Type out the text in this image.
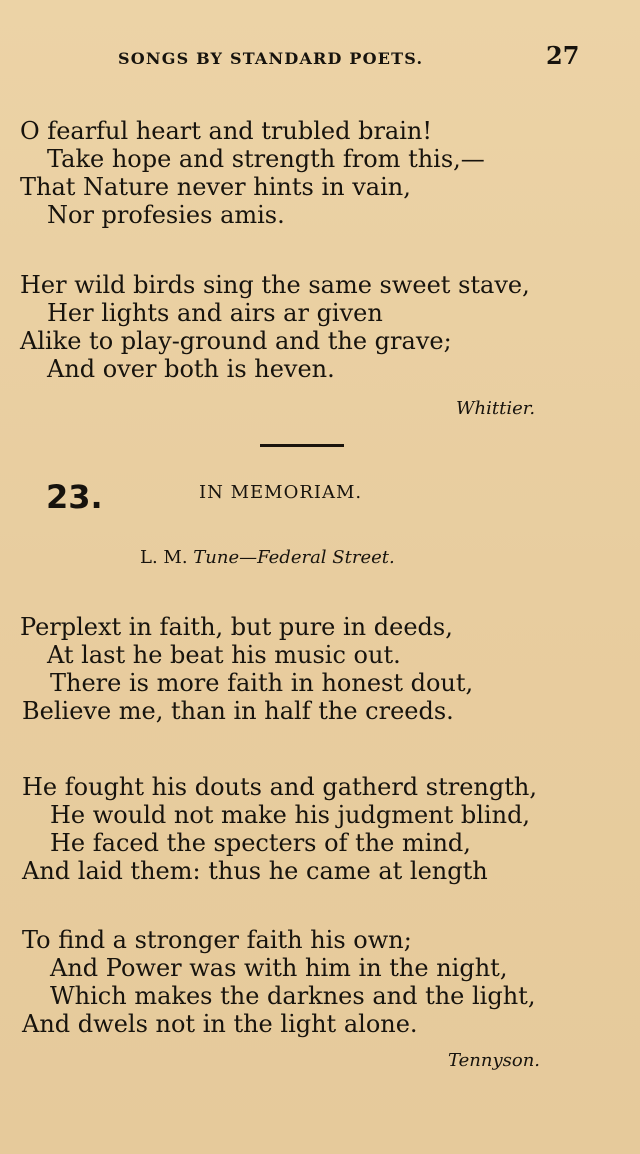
SONGS BY STANDARD POETS.	27
O fearful heart and trubled brain!
Take hope and strength from this,—
That Nature never hints in vain,
Nor profesies amis.
Her wild birds sing the same sweet stave,
Her lights and airs ar given
Alike to play-ground and the grave;
And over both is heven.
Whittier.
23.	IN MEMORIAM.
L. M. Tune—Federal Street.
Perplext in faith, but pure in deeds,
At last he beat his music out.
There is more faith in honest dout,
Believe me, than in half the creeds.
He fought his douts and gatherd strength,
He would not make his judgment blind,
He faced the specters of the mind,
And laid them: thus he came at length
To find a stronger faith his own;
And Power was with him in the night,
Which makes the darknes and the light,
And dwels not in the light alone.
Tennyson.
